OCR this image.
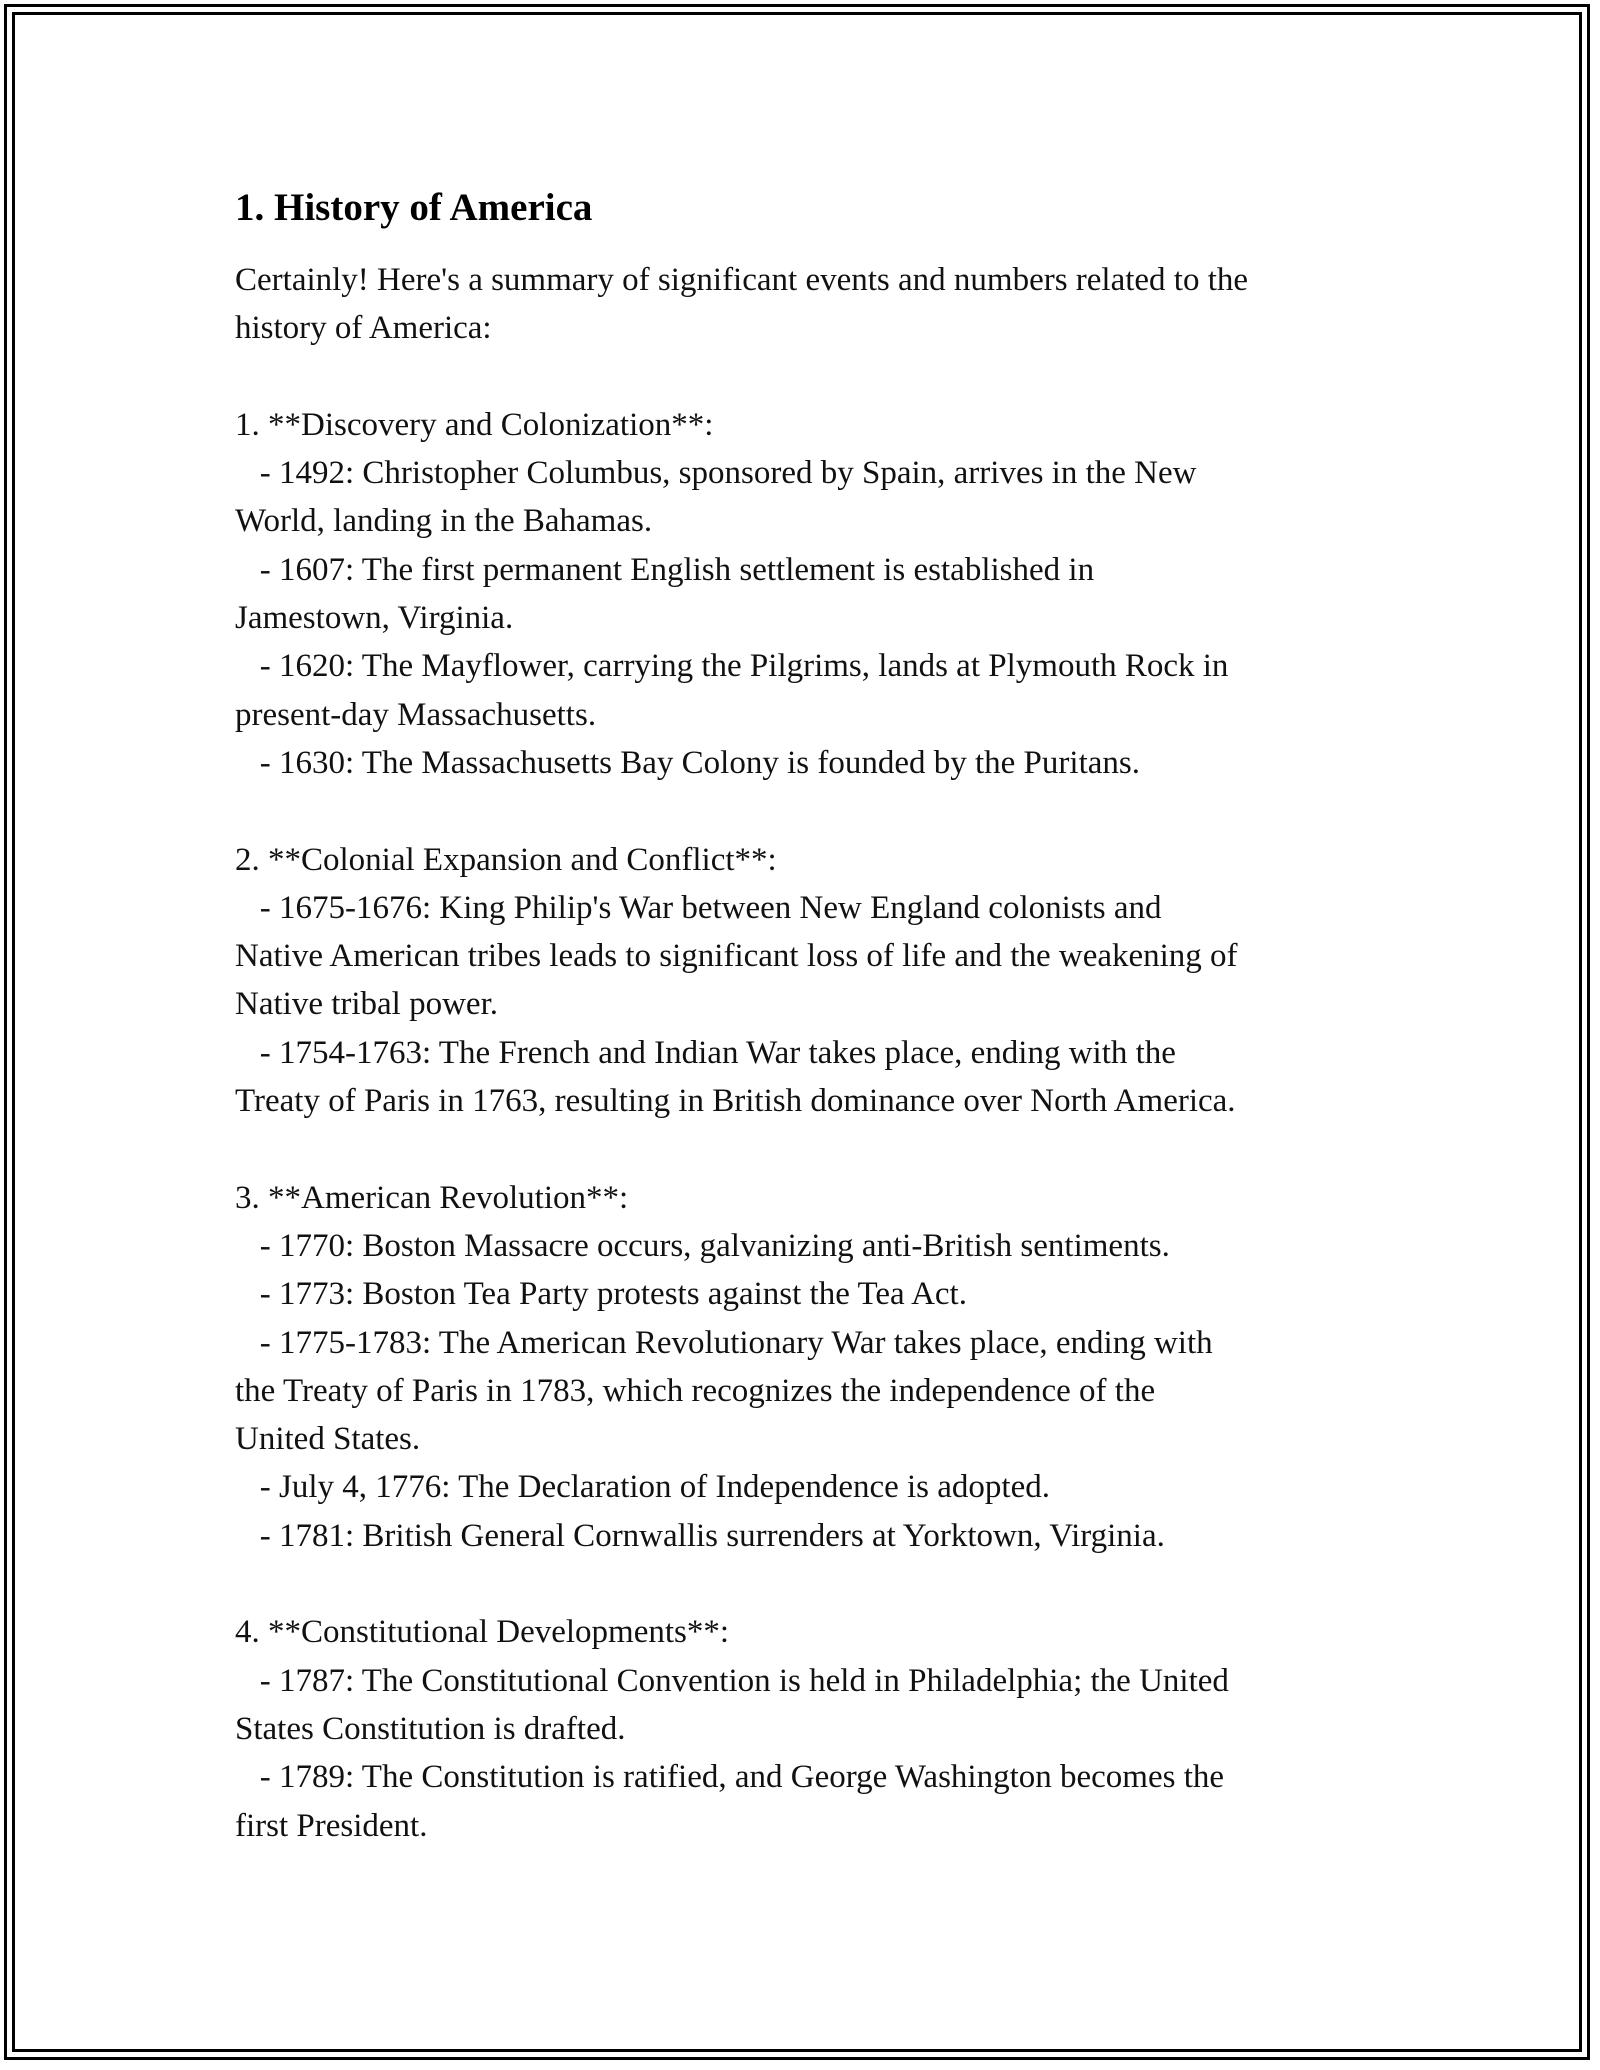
1. History of America
Certainly! Here's a summary of significant events and numbers related to the
history of America:
1. **Discovery and Colonization**:
- 1492: Christopher Columbus, sponsored by Spain, arrives in the New
World, landing in the Bahamas.
- 1607: The first permanent English settlement is established in
Jamestown, Virginia.
- 1620: The Mayflower, carrying the Pilgrims, lands at Plymouth Rock in
present-day Massachusetts.
- 1630: The Massachusetts Bay Colony is founded by the Puritans.
2. **Colonial Expansion and Conflict**:
- 1675-1676: King Philip's War between New England colonists and
Native American tribes leads to significant loss of life and the weakening of
Native tribal power.
- 1754-1763: The French and Indian War takes place, ending with the
Treaty of Paris in 1763, resulting in British dominance over North America.
3. **American Revolution**:
- 1770: Boston Massacre occurs, galvanizing anti-British sentiments.
- 1773: Boston Tea Party protests against the Tea Act.
- 1775-1783: The American Revolutionary War takes place, ending with
the Treaty of Paris in 1783, which recognizes the independence of the
United States.
- July 4, 1776: The Declaration of Independence is adopted.
- 1781: British General Cornwallis surrenders at Yorktown, Virginia.
4. **Constitutional Developments**:
- 1787: The Constitutional Convention is held in Philadelphia; the United
States Constitution is drafted.
- 1789: The Constitution is ratified, and George Washington becomes the
first President.
